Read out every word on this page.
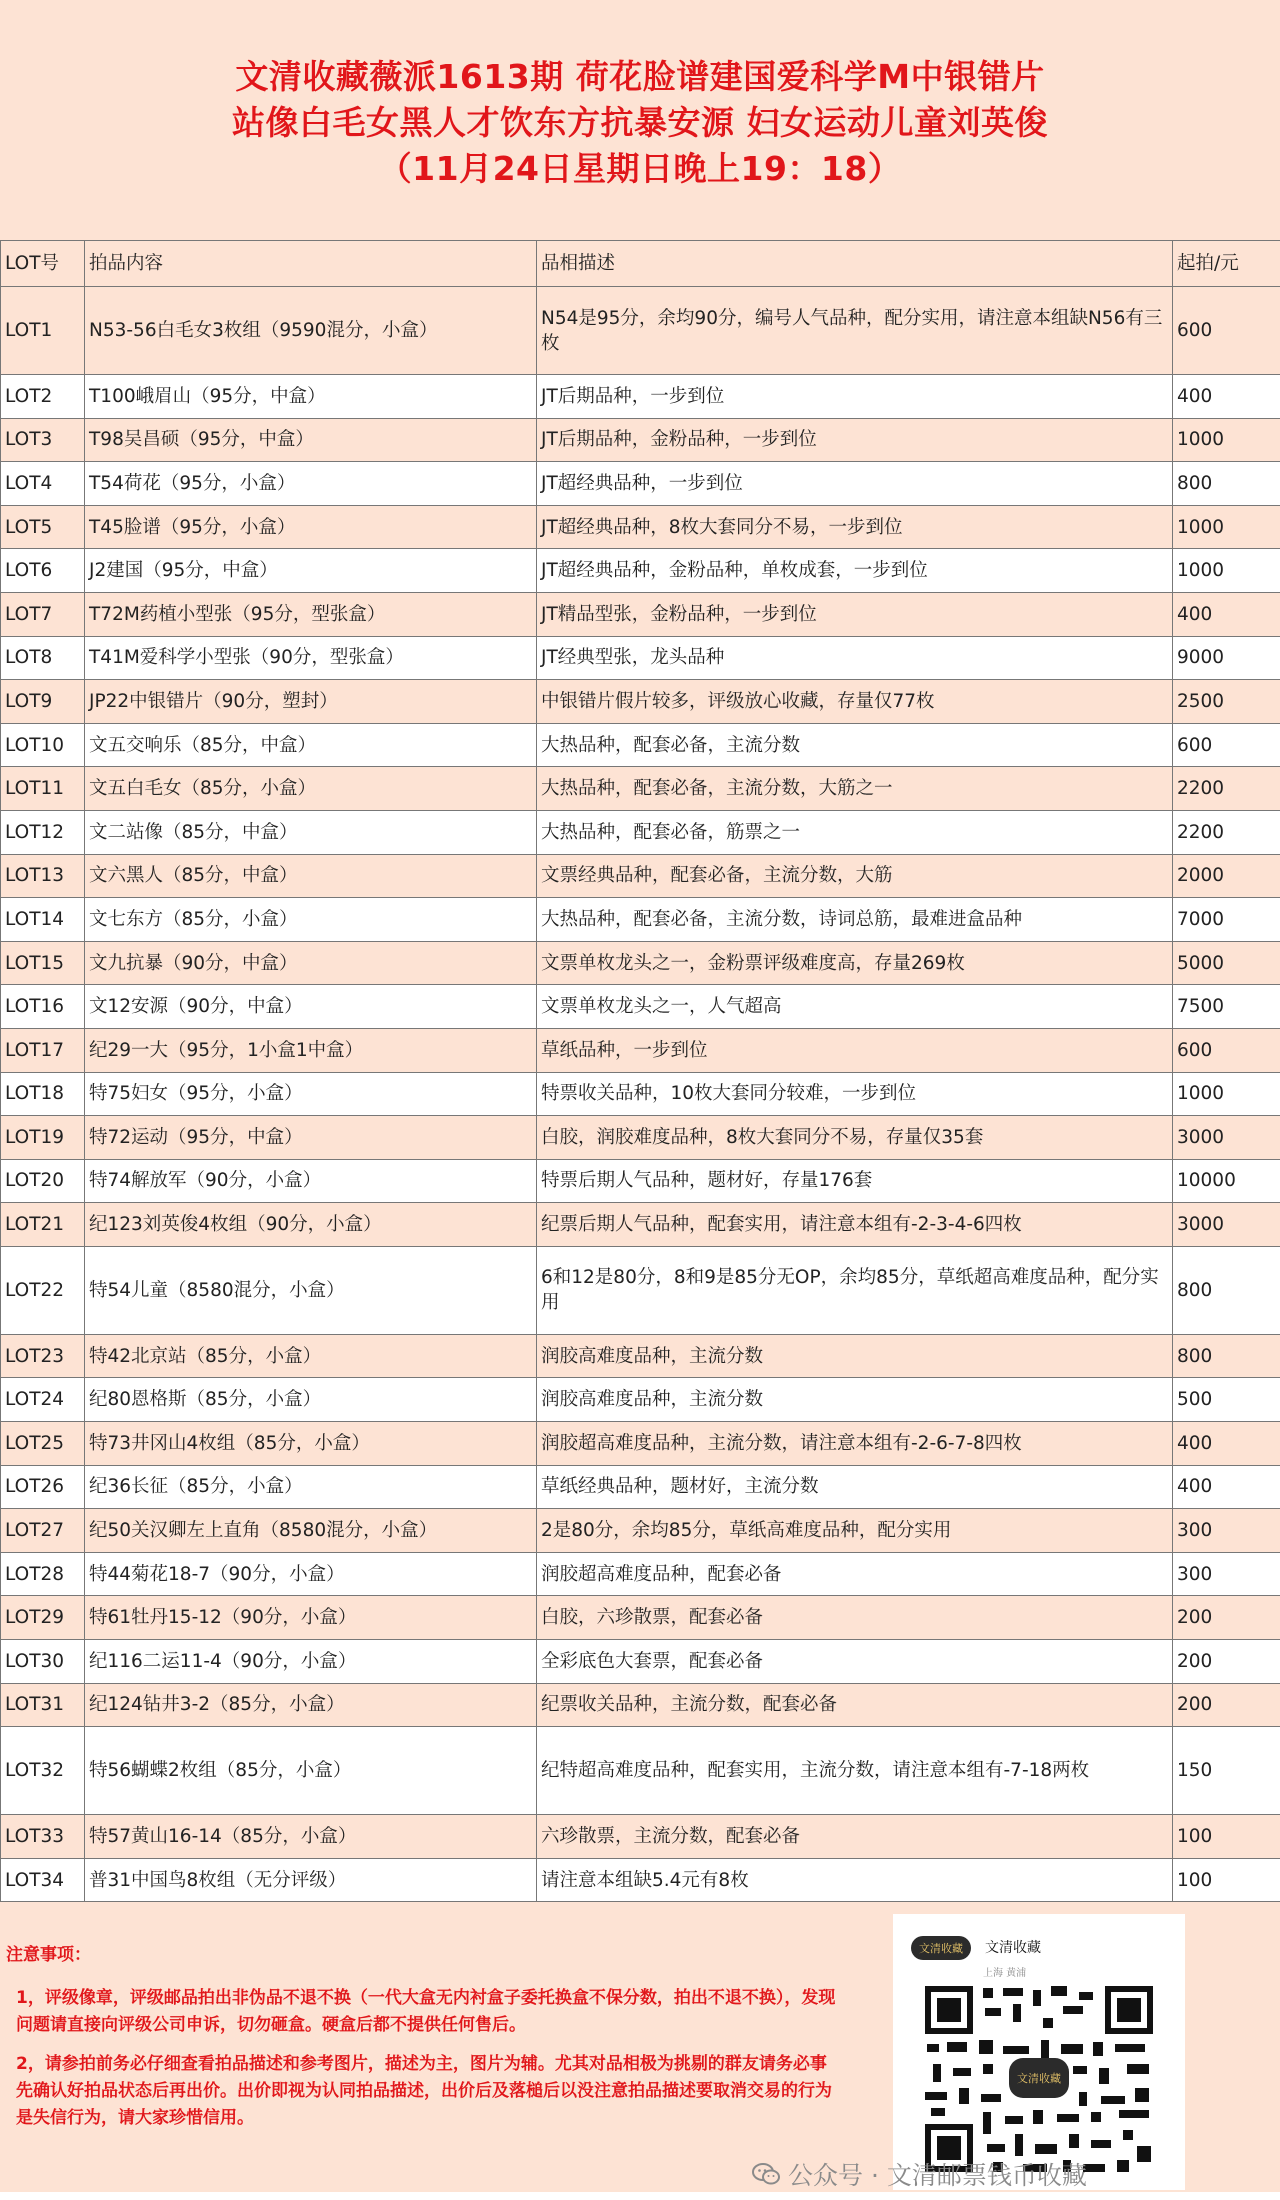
文清收藏薇派1613期 荷花脸谱建国爱科学M中银错片
站像白毛女黑人才饮东方抗暴安源 妇女运动儿童刘英俊
（11月24日星期日晚上19：18）
LOT号	拍品内容	品相描述	起拍/元
LOT1	N53-56白毛女3枚组（9590混分，小盒）	N54是95分，余均90分，编号人气品种，配分实用，请注意本组缺N56有三枚	600
LOT2	T100峨眉山（95分，中盒）	JT后期品种，一步到位	400
LOT3	T98吴昌硕（95分，中盒）	JT后期品种，金粉品种，一步到位	1000
LOT4	T54荷花（95分，小盒）	JT超经典品种，一步到位	800
LOT5	T45脸谱（95分，小盒）	JT超经典品种，8枚大套同分不易，一步到位	1000
LOT6	J2建国（95分，中盒）	JT超经典品种，金粉品种，单枚成套，一步到位	1000
LOT7	T72M药植小型张（95分，型张盒）	JT精品型张，金粉品种，一步到位	400
LOT8	T41M爱科学小型张（90分，型张盒）	JT经典型张，龙头品种	9000
LOT9	JP22中银错片（90分，塑封）	中银错片假片较多，评级放心收藏，存量仅77枚	2500
LOT10	文五交响乐（85分，中盒）	大热品种，配套必备，主流分数	600
LOT11	文五白毛女（85分，小盒）	大热品种，配套必备，主流分数，大筋之一	2200
LOT12	文二站像（85分，中盒）	大热品种，配套必备，筋票之一	2200
LOT13	文六黑人（85分，中盒）	文票经典品种，配套必备，主流分数，大筋	2000
LOT14	文七东方（85分，小盒）	大热品种，配套必备，主流分数，诗词总筋，最难进盒品种	7000
LOT15	文九抗暴（90分，中盒）	文票单枚龙头之一，金粉票评级难度高，存量269枚	5000
LOT16	文12安源（90分，中盒）	文票单枚龙头之一，人气超高	7500
LOT17	纪29一大（95分，1小盒1中盒）	草纸品种，一步到位	600
LOT18	特75妇女（95分，小盒）	特票收关品种，10枚大套同分较难，一步到位	1000
LOT19	特72运动（95分，中盒）	白胶，润胶难度品种，8枚大套同分不易，存量仅35套	3000
LOT20	特74解放军（90分，小盒）	特票后期人气品种，题材好，存量176套	10000
LOT21	纪123刘英俊4枚组（90分，小盒）	纪票后期人气品种，配套实用，请注意本组有-2-3-4-6四枚	3000
LOT22	特54儿童（8580混分，小盒）	6和12是80分，8和9是85分无OP，余均85分，草纸超高难度品种，配分实用	800
LOT23	特42北京站（85分，小盒）	润胶高难度品种，主流分数	800
LOT24	纪80恩格斯（85分，小盒）	润胶高难度品种，主流分数	500
LOT25	特73井冈山4枚组（85分，小盒）	润胶超高难度品种，主流分数，请注意本组有-2-6-7-8四枚	400
LOT26	纪36长征（85分，小盒）	草纸经典品种，题材好，主流分数	400
LOT27	纪50关汉卿左上直角（8580混分，小盒）	2是80分，余均85分，草纸高难度品种，配分实用	300
LOT28	特44菊花18-7（90分，小盒）	润胶超高难度品种，配套必备	300
LOT29	特61牡丹15-12（90分，小盒）	白胶，六珍散票，配套必备	200
LOT30	纪116二运11-4（90分，小盒）	全彩底色大套票，配套必备	200
LOT31	纪124钻井3-2（85分，小盒）	纪票收关品种，主流分数，配套必备	200
LOT32	特56蝴蝶2枚组（85分，小盒）	纪特超高难度品种，配套实用，主流分数，请注意本组有-7-18两枚	150
LOT33	特57黄山16-14（85分，小盒）	六珍散票，主流分数，配套必备	100
LOT34	普31中国鸟8枚组（无分评级）	请注意本组缺5.4元有8枚	100

注意事项：

1，评级像章，评级邮品拍出非伪品不退不换（一代大盒无内衬盒子委托换盒不保分数，拍出不退不换），发现问题请直接向评级公司申诉，切勿砸盒。硬盒后都不提供任何售后。

2，请参拍前务必仔细查看拍品描述和参考图片，描述为主，图片为辅。尤其对品相极为挑剔的群友请务必事先确认好拍品状态后再出价。出价即视为认同拍品描述，出价后及落槌后以没注意拍品描述要取消交易的行为是失信行为，请大家珍惜信用。

文清收藏	文清收藏
上海 黄浦
文清收藏
公众号 · 文清邮票钱币收藏
